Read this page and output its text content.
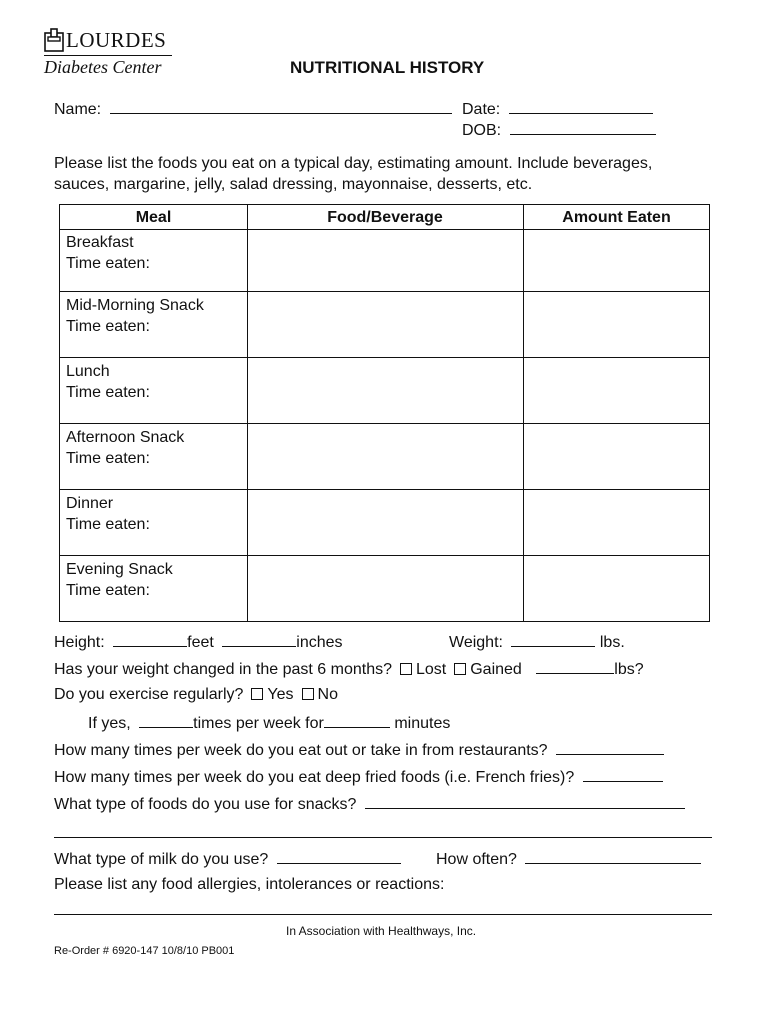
LOURDES
Diabetes Center	NUTRITIONAL HISTORY
Name:	Date:
DOB:
Please list the foods you eat on a typical day, estimating amount. Include beverages,
sauces, margarine, jelly, salad dressing, mayonnaise, desserts, etc.
Meal	Food/Beverage	Amount Eaten
Breakfast
Time eaten:
Mid-Morning Snack
Time eaten:
Lunch
Time eaten:
Afternoon Snack
Time eaten:
Dinner
Time eaten:
Evening Snack
Time eaten:
Height:	feet	inches	Weight:	lbs.
Has your weight changed in the past 6 months? Lost Gained	lbs?
Do you exercise regularly? Yes No
If yes,	times per week for	minutes
How many times per week do you eat out or take in from restaurants?
How many times per week do you eat deep fried foods (i.e. French fries)?
What type of foods do you use for snacks?
What type of milk do you use?	How often?
Please list any food allergies, intolerances or reactions:
In Association with Healthways, Inc.
Re-Order # 6920-147 10/8/10 PB001
